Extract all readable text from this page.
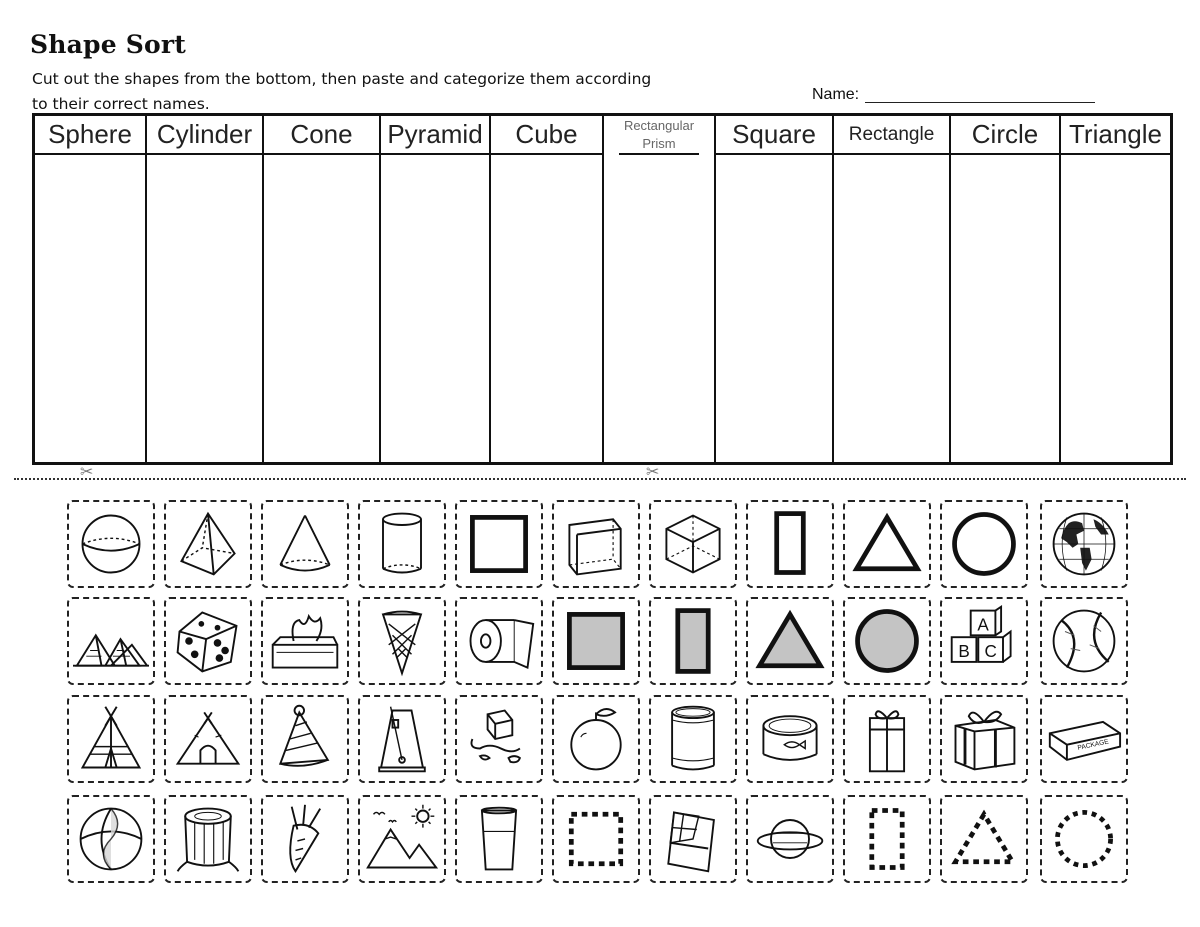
Shape Sort
Cut out the shapes from the bottom, then paste and categorize them according to their correct names.
Name:
Sphere Cylinder	Cone	Pyramid	Cube	Rectangular Prism	Square	Rectangle	Circle	Triangle
✂	✂
A
B C
PACKAGE
